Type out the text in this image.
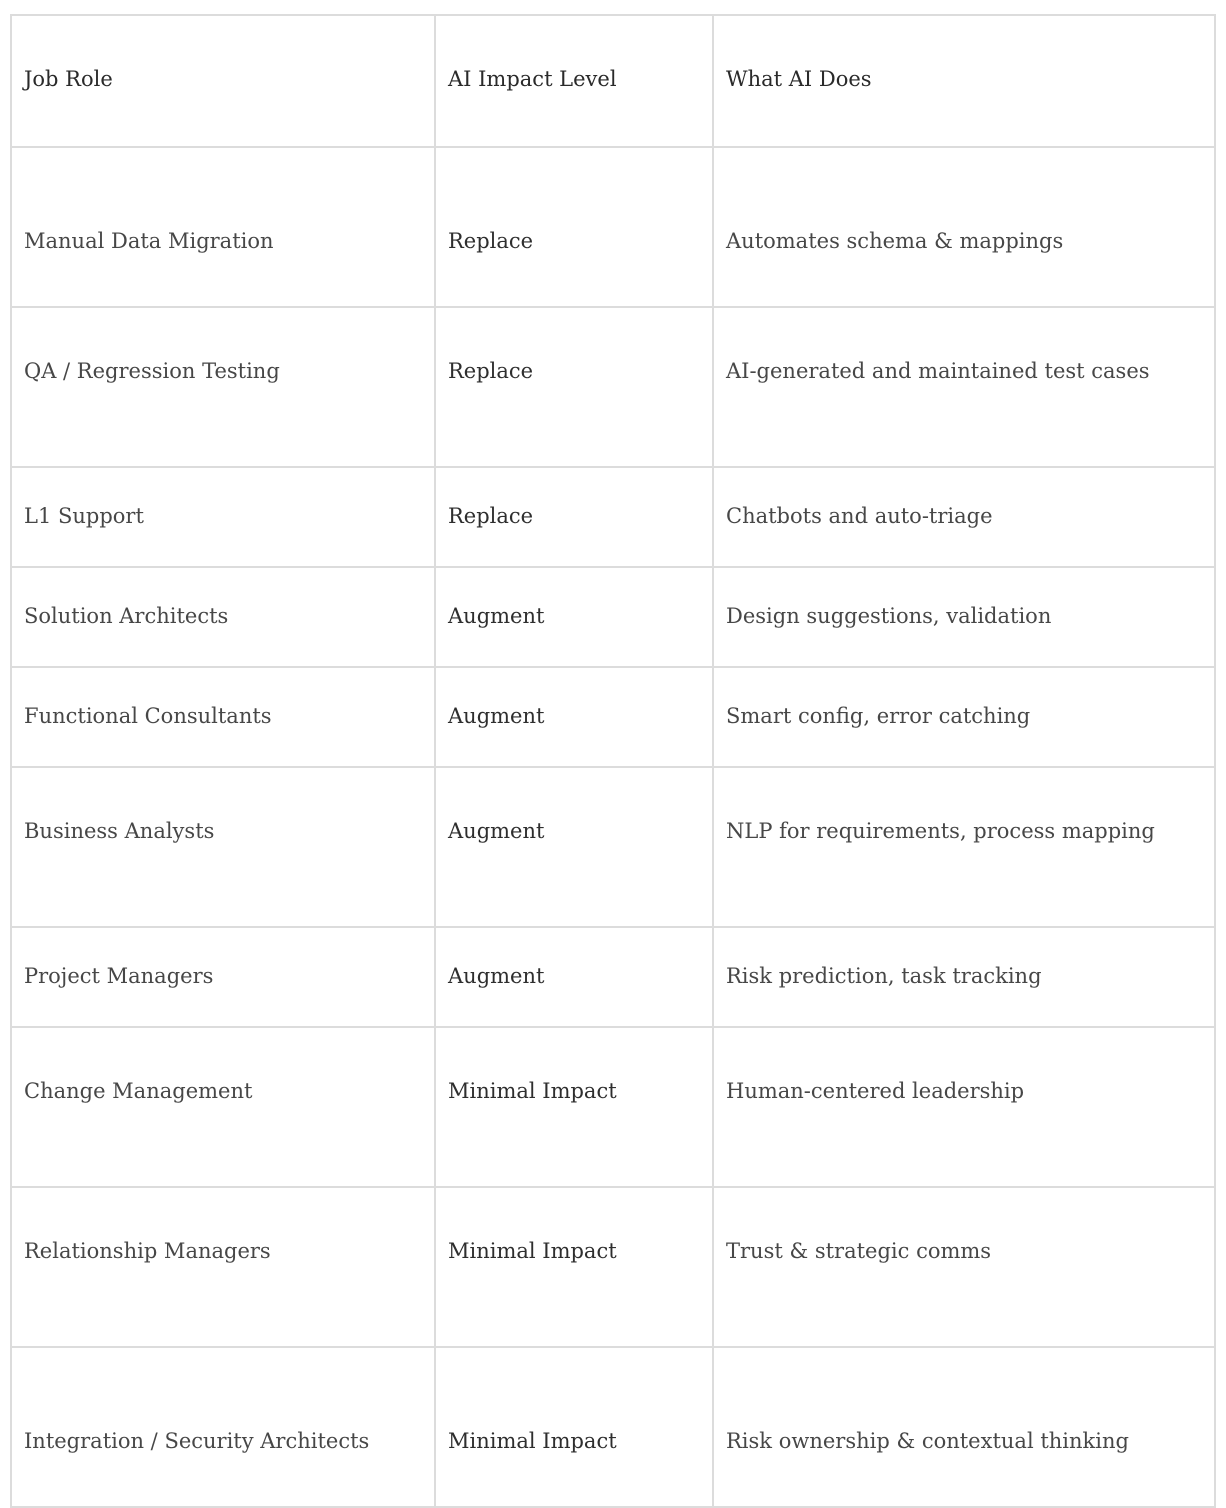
Job Role	AI Impact Level	What AI Does
Manual Data Migration	Replace	Automates schema & mappings
QA / Regression Testing	Replace	AI-generated and maintained test cases
L1 Support	Replace	Chatbots and auto-triage
Solution Architects	Augment	Design suggestions, validation
Functional Consultants	Augment	Smart config, error catching
Business Analysts	Augment	NLP for requirements, process mapping
Project Managers	Augment	Risk prediction, task tracking
Change Management	Minimal Impact	Human-centered leadership
Relationship Managers	Minimal Impact	Trust & strategic comms
Integration / Security Architects	Minimal Impact	Risk ownership & contextual thinking
